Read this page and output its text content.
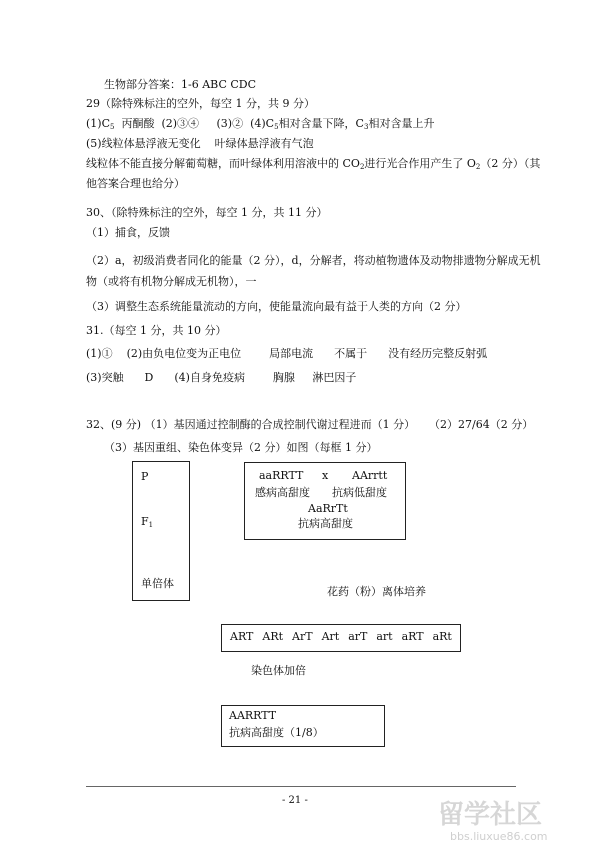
生物部分答案：1-6 ABC CDC
29（除特殊标注的空外，每空 1 分，共 9 分）
$(1)C_5$  丙酮酸  (2)③④     (3)②  $(4)C_5$相对含量下降，$C_3$相对含量上升
(5)线粒体悬浮液无变化    叶绿体悬浮液有气泡
线粒体不能直接分解葡萄糖，而叶绿体利用溶液中的 $CO_2$进行光合作用产生了 $O_2(2$ 分）（其
他答案合理也给分）
30、（除特殊标注的空外，每空 1 分，共 11 分）
（1）捕食，反馈
（2）a，初级消费者同化的能量（2 分），d，分解者，将动植物遗体及动物排遗物分解成无机
物（或将有机物分解成无机物），一
（3）调整生态系统能量流动的方向，使能量流向最有益于人类的方向（2 分）
31.（每空 1 分，共 10 分）
(1)①    (2)由负电位变为正电位        局部电流      不属于      没有经历完整反射弧
(3)突触      D      (4)自身免疫病        胸腺     淋巴因子
32、(9 分) （1）基因通过控制酶的合成控制代谢过程进而（1 分）    （2）27/64（2 分）
（3）基因重组、染色体变异（2 分）如图（每框 1 分）
P
$F_1$
单倍体
aaRRTT x AArrtt
感病高甜度 抗病低甜度
AaRrTt
抗病高甜度
花药（粉）离体培养
ART ARt ArT Art arT art aRT aRt
染色体加倍
AARRTT
抗病高甜度（1/8）
- 21 -	留学社区
bbs.liuxue86.com
